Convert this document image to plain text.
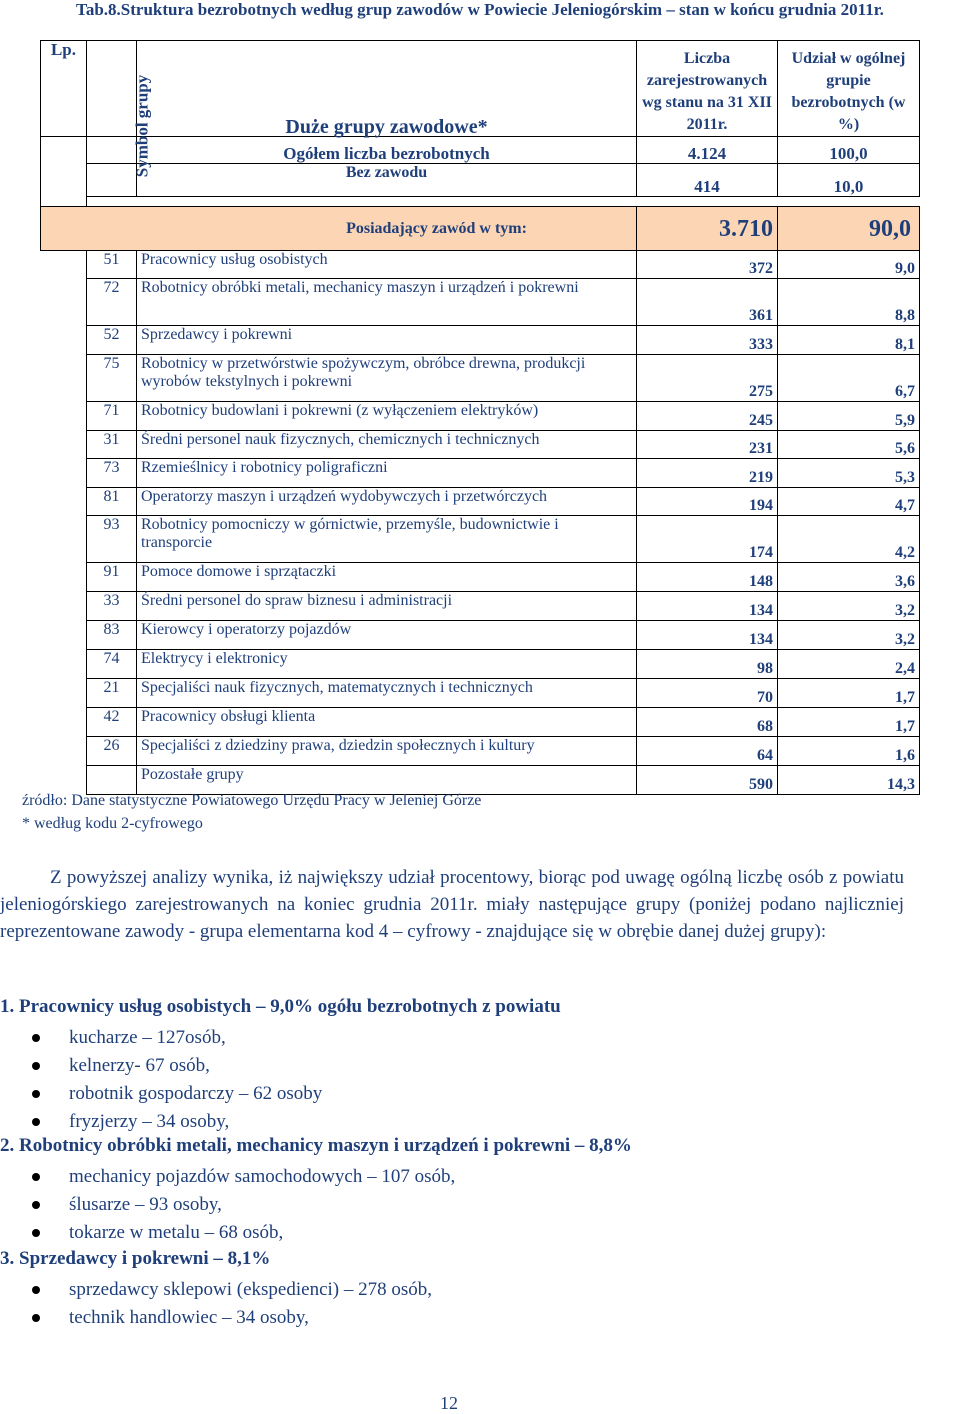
Tab.8.Struktura bezrobotnych według grup zawodów w Powiecie Jeleniogórskim – stan w końcu grudnia 2011r.
Lp.	Symbol grupy	Duże grupy zawodowe*	Liczba zarejestrowanych wg stanu na 31 XII 2011r.	Udział w ogólnej grupie bezrobotnych (w %)
		Ogółem liczba bezrobotnych	4.124	100,0
		Bez zawodu	414	10,0

Posiadający zawód w tym:			3.710	90,0
	51	Pracownicy usług osobistych	372	9,0
	72	Robotnicy obróbki metali, mechanicy maszyn i urządzeń i pokrewni	361	8,8
	52	Sprzedawcy i pokrewni	333	8,1
	75	Robotnicy w przetwórstwie spożywczym, obróbce drewna, produkcji wyrobów tekstylnych i pokrewni	275	6,7
	71	Robotnicy budowlani i pokrewni (z wyłączeniem elektryków)	245	5,9
	31	Średni personel nauk fizycznych, chemicznych i technicznych	231	5,6
	73	Rzemieślnicy i robotnicy poligraficzni	219	5,3
	81	Operatorzy maszyn i urządzeń wydobywczych i przetwórczych	194	4,7
	93	Robotnicy pomocniczy w górnictwie, przemyśle, budownictwie i transporcie	174	4,2
	91	Pomoce domowe i sprzątaczki	148	3,6
	33	Średni personel do spraw biznesu i administracji	134	3,2
	83	Kierowcy i operatorzy pojazdów	134	3,2
	74	Elektrycy i elektronicy	98	2,4
	21	Specjaliści nauk fizycznych, matematycznych i technicznych	70	1,7
	42	Pracownicy obsługi klienta	68	1,7
	26	Specjaliści z dziedziny prawa, dziedzin społecznych i kultury	64	1,6
		Pozostałe grupy	590	14,3
źródło: Dane statystyczne Powiatowego Urzędu Pracy w Jeleniej Górze
* według kodu 2-cyfrowego
Z powyższej analizy wynika, iż największy udział procentowy, biorąc pod uwagę ogólną liczbę osób z powiatu jeleniogórskiego zarejestrowanych na koniec grudnia 2011r. miały następujące grupy (poniżej podano najliczniej reprezentowane zawody - grupa elementarna kod 4 – cyfrowy - znajdujące się w obrębie danej dużej grupy):
1. Pracownicy usług osobistych – 9,0% ogółu bezrobotnych z powiatu
kucharze – 127osób,
kelnerzy- 67 osób,
robotnik gospodarczy – 62 osoby
fryzjerzy – 34 osoby,
2. Robotnicy obróbki metali, mechanicy maszyn i urządzeń i pokrewni – 8,8%
mechanicy pojazdów samochodowych – 107 osób,
ślusarze – 93 osoby,
tokarze w metalu – 68 osób,
3. Sprzedawcy i pokrewni – 8,1%
sprzedawcy sklepowi (ekspedienci) – 278 osób,
technik handlowiec – 34 osoby,
12
